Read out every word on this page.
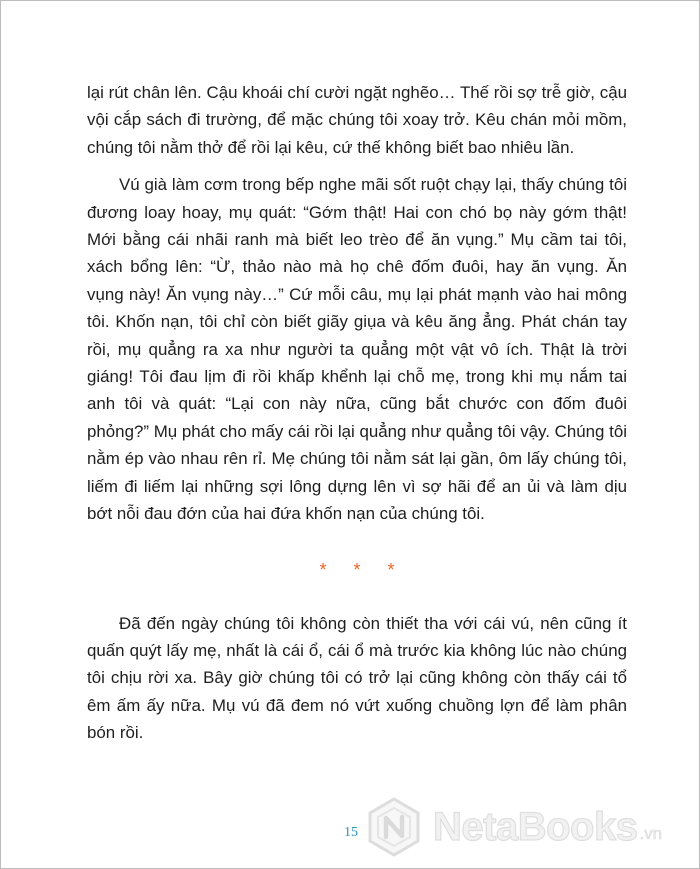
lại rút chân lên. Cậu khoái chí cười ngặt nghẽo… Thế rồi sợ trễ giờ, cậu vội cắp sách đi trường, để mặc chúng tôi xoay trở. Kêu chán mỏi mồm, chúng tôi nằm thở để rồi lại kêu, cứ thế không biết bao nhiêu lần.

Vú già làm cơm trong bếp nghe mãi sốt ruột chạy lại, thấy chúng tôi đương loay hoay, mụ quát: “Gớm thật! Hai con chó bọ này gớm thật! Mới bằng cái nhãi ranh mà biết leo trèo để ăn vụng.” Mụ cầm tai tôi, xách bổng lên: “Ừ, thảo nào mà họ chê đốm đuôi, hay ăn vụng. Ăn vụng này! Ăn vụng này…” Cứ mỗi câu, mụ lại phát mạnh vào hai mông tôi. Khốn nạn, tôi chỉ còn biết giãy giụa và kêu ăng ẳng. Phát chán tay rồi, mụ quẳng ra xa như người ta quẳng một vật vô ích. Thật là trời giáng! Tôi đau lịm đi rồi khấp khểnh lại chỗ mẹ, trong khi mụ nắm tai anh tôi và quát: “Lại con này nữa, cũng bắt chước con đốm đuôi phỏng?” Mụ phát cho mấy cái rồi lại quẳng như quẳng tôi vậy. Chúng tôi nằm ép vào nhau rên rỉ. Mẹ chúng tôi nằm sát lại gần, ôm lấy chúng tôi, liếm đi liếm lại những sợi lông dựng lên vì sợ hãi để an ủi và làm dịu bớt nỗi đau đớn của hai đứa khốn nạn của chúng tôi.

* * *

Đã đến ngày chúng tôi không còn thiết tha với cái vú, nên cũng ít quấn quýt lấy mẹ, nhất là cái ổ, cái ổ mà trước kia không lúc nào chúng tôi chịu rời xa. Bây giờ chúng tôi có trở lại cũng không còn thấy cái tổ êm ấm ấy nữa. Mụ vú đã đem nó vứt xuống chuồng lợn để làm phân bón rồi.

15	NetaBooks .vn
